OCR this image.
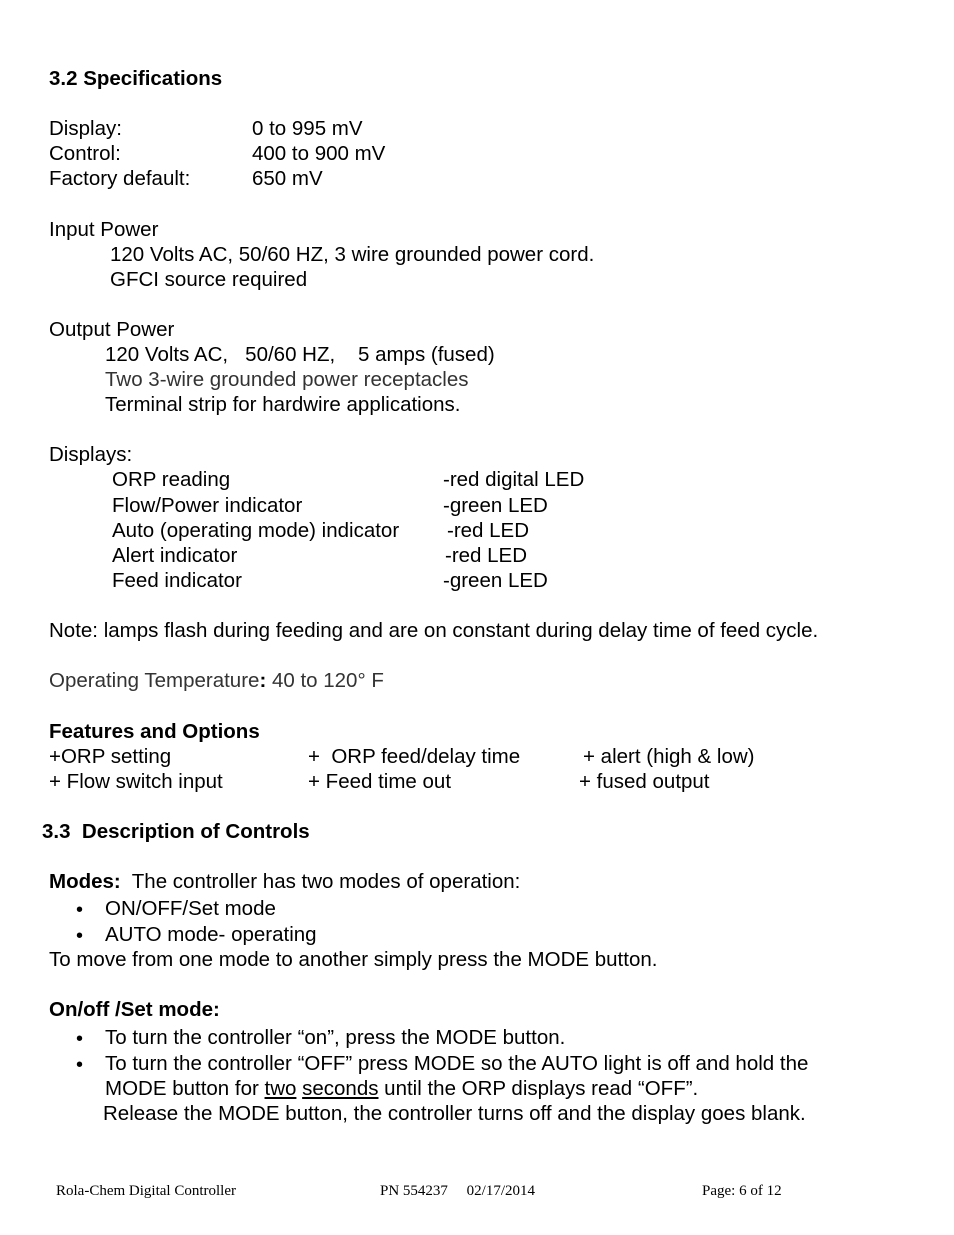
3.2 Specifications
Display:	0 to 995 mV
Control:	400 to 900 mV
Factory default:	650 mV
Input Power
120 Volts AC, 50/60 HZ, 3 wire grounded power cord.
GFCI source required
Output Power
120 Volts AC,   50/60 HZ,    5 amps (fused)
Two 3-wire grounded power receptacles
Terminal strip for hardwire applications.
Displays:
ORP reading	-red digital LED
Flow/Power indicator	-green LED
Auto (operating mode) indicator -red LED
Alert indicator	-red LED
Feed indicator	-green LED
Note: lamps flash during feeding and are on constant during delay time of feed cycle.
Operating Temperature: 40 to 120° F
Features and Options
+ORP setting	+  ORP feed/delay time	+ alert (high & low)
+ Flow switch input	+ Feed time out	+ fused output
3.3  Description of Controls
Modes:  The controller has two modes of operation:
• ON/OFF/Set mode
• AUTO mode- operating
To move from one mode to another simply press the MODE button.
On/off /Set mode:
• To turn the controller “on”, press the MODE button.
• To turn the controller “OFF” press MODE so the AUTO light is off and hold the
MODE button for two seconds until the ORP displays read “OFF”.
Release the MODE button, the controller turns off and the display goes blank.
Rola-Chem Digital Controller	PN 554237     02/17/2014	Page: 6 of 12
